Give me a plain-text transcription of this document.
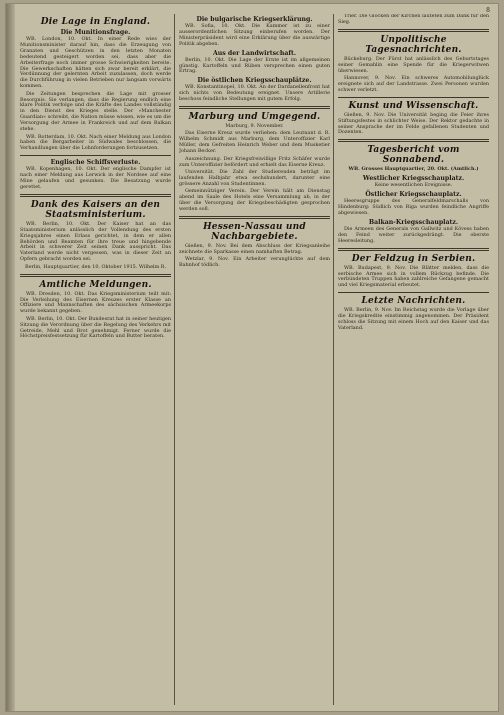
8
Die Lage in England.
Die Munitionsfrage.

WB. London, 10. Okt. In einer Rede wies der Munitionsminister darauf hin, dass die Erzeugung von Granaten und Geschützen in den letzten Monaten bedeutend gesteigert worden sei, dass aber die Arbeiterfrage noch immer grosse Schwierigkeiten bereite. Die Gewerkschaften hätten sich zwar bereit erklärt, die Verdünnung der gelernten Arbeit zuzulassen, doch werde die Durchführung in vielen Betrieben nur langsam vorwärts kommen.

Die Zeitungen besprechen die Lage mit grosser Besorgnis. Sie verlangen, dass die Regierung endlich eine klare Politik verfolge und die Kräfte des Landes vollständig in den Dienst des Krieges stelle. Der »Manchester Guardian« schreibt, die Nation müsse wissen, wie es um die Versorgung der Armee in Frankreich und auf dem Balkan stehe.

WB. Rotterdam, 10. Okt. Nach einer Meldung aus London haben die Bergarbeiter in Südwales beschlossen, die Verhandlungen über die Lohnforderungen fortzusetzen.

Englische Schiffsverluste.

WB. Kopenhagen, 10. Okt. Der englische Dampfer ist nach einer Meldung aus Lerwick in der Nordsee auf eine Mine gelaufen und gesunken. Die Besatzung wurde gerettet.

Dank des Kaisers an den Staatsministerium.

WB. Berlin, 10. Okt. Der Kaiser hat an das Staatsministerium anlässlich der Vollendung des ersten Kriegsjahres einen Erlass gerichtet, in dem er allen Behörden und Beamten für ihre treue und hingebende Arbeit in schwerer Zeit seinen Dank ausspricht. Das Vaterland werde nicht vergessen, was in dieser Zeit an Opfern gebracht worden sei.

Berlin, Hauptquartier, den 10. Oktober 1915. Wilhelm R.

Amtliche Meldungen.

WB. Dresden, 10. Okt. Das Kriegsministerium teilt mit: Die Verleihung des Eisernen Kreuzes erster Klasse an Offiziere und Mannschaften des sächsischen Armeekorps wurde bekannt gegeben.

WB. Berlin, 10. Okt. Der Bundesrat hat in seiner heutigen Sitzung die Verordnung über die Regelung des Verkehrs mit Getreide, Mehl und Brot genehmigt. Ferner wurde die Höchstpreisfestsetzung für Kartoffeln und Butter beraten.

Die bulgarische Kriegserklärung.

WB. Sofia, 10. Okt. Die Kammer ist zu einer ausserordentlichen Sitzung einberufen worden. Der Ministerpräsident wird eine Erklärung über die auswärtige Politik abgeben.

Aus der Landwirtschaft.

Berlin, 10. Okt. Die Lage der Ernte ist im allgemeinen günstig. Kartoffeln und Rüben versprechen einen guten Ertrag.

Die östlichen Kriegsschauplätze.

WB. Konstantinopel, 10. Okt. An der Dardanellenfront hat sich nichts von Bedeutung ereignet. Unsere Artillerie beschoss feindliche Stellungen mit gutem Erfolg.

Marburg und Umgegend.

Marburg, 9. November.

Das Eiserne Kreuz wurde verliehen: dem Leutnant d. R. Wilhelm Schmidt aus Marburg, dem Unteroffizier Karl Müller, dem Gefreiten Heinrich Weber und dem Musketier Johann Becker.

Auszeichnung. Der Kriegsfreiwillige Fritz Schäfer wurde zum Unteroffizier befördert und erhielt das Eiserne Kreuz.

Universität. Die Zahl der Studierenden beträgt im laufenden Halbjahr etwa sechshundert, darunter eine grössere Anzahl von Studentinnen.

Gemeinnütziger Verein. Der Verein hält am Dienstag abend im Saale des Hotels eine Versammlung ab, in der über die Versorgung der Kriegsbeschädigten gesprochen werden soll.

Hessen-Nassau und Nachbargebiete.

Gießen, 9. Nov. Bei dem Abschluss der Kriegsanleihe zeichnete die Sparkasse einen namhaften Betrag.

Wetzlar, 9. Nov. Ein Arbeiter verunglückte auf dem Bahnhof tödlich.

Trier. Die Glocken der Kirchen läuteten zum Dank für den Sieg.

Unpolitische Tagesnachrichten.

Bückeburg. Der Fürst hat anlässlich des Geburtstages seiner Gemahlin eine Spende für die Kriegerwitwen überwiesen.

Hannover, 9. Nov. Ein schweres Automobilunglück ereignete sich auf der Landstrasse. Zwei Personen wurden schwer verletzt.

Kunst und Wissenschaft.

Gießen, 9. Nov. Die Universität beging die Feier ihres Stiftungsfestes in schlichter Weise. Der Rektor gedachte in seiner Ansprache der im Felde gefallenen Studenten und Dozenten.

Tagesbericht vom Sonnabend.

WB. Grosses Hauptquartier, 20. Okt. (Amtlich.)

Westlicher Kriegsschauplatz.

Keine wesentlichen Ereignisse.

Östlicher Kriegsschauplatz.

Heeresgruppe des Generalfeldmarschalls von Hindenburg: Südlich von Riga wurden feindliche Angriffe abgewiesen.

Balkan-Kriegsschauplatz.

Die Armeen des Generals von Gallwitz und Kövess haben den Feind weiter zurückgedrängt. Die oberste Heeresleitung.

Der Feldzug in Serbien.

WB. Budapest, 9. Nov. Die Blätter melden, dass die serbische Armee sich in vollem Rückzug befinde. Die verbündeten Truppen haben zahlreiche Gefangene gemacht und viel Kriegsmaterial erbeutet.

Letzte Nachrichten.

WB. Berlin, 9. Nov. Im Reichstag wurde die Vorlage über die Kriegskredite einstimmig angenommen. Der Präsident schloss die Sitzung mit einem Hoch auf den Kaiser und das Vaterland.
